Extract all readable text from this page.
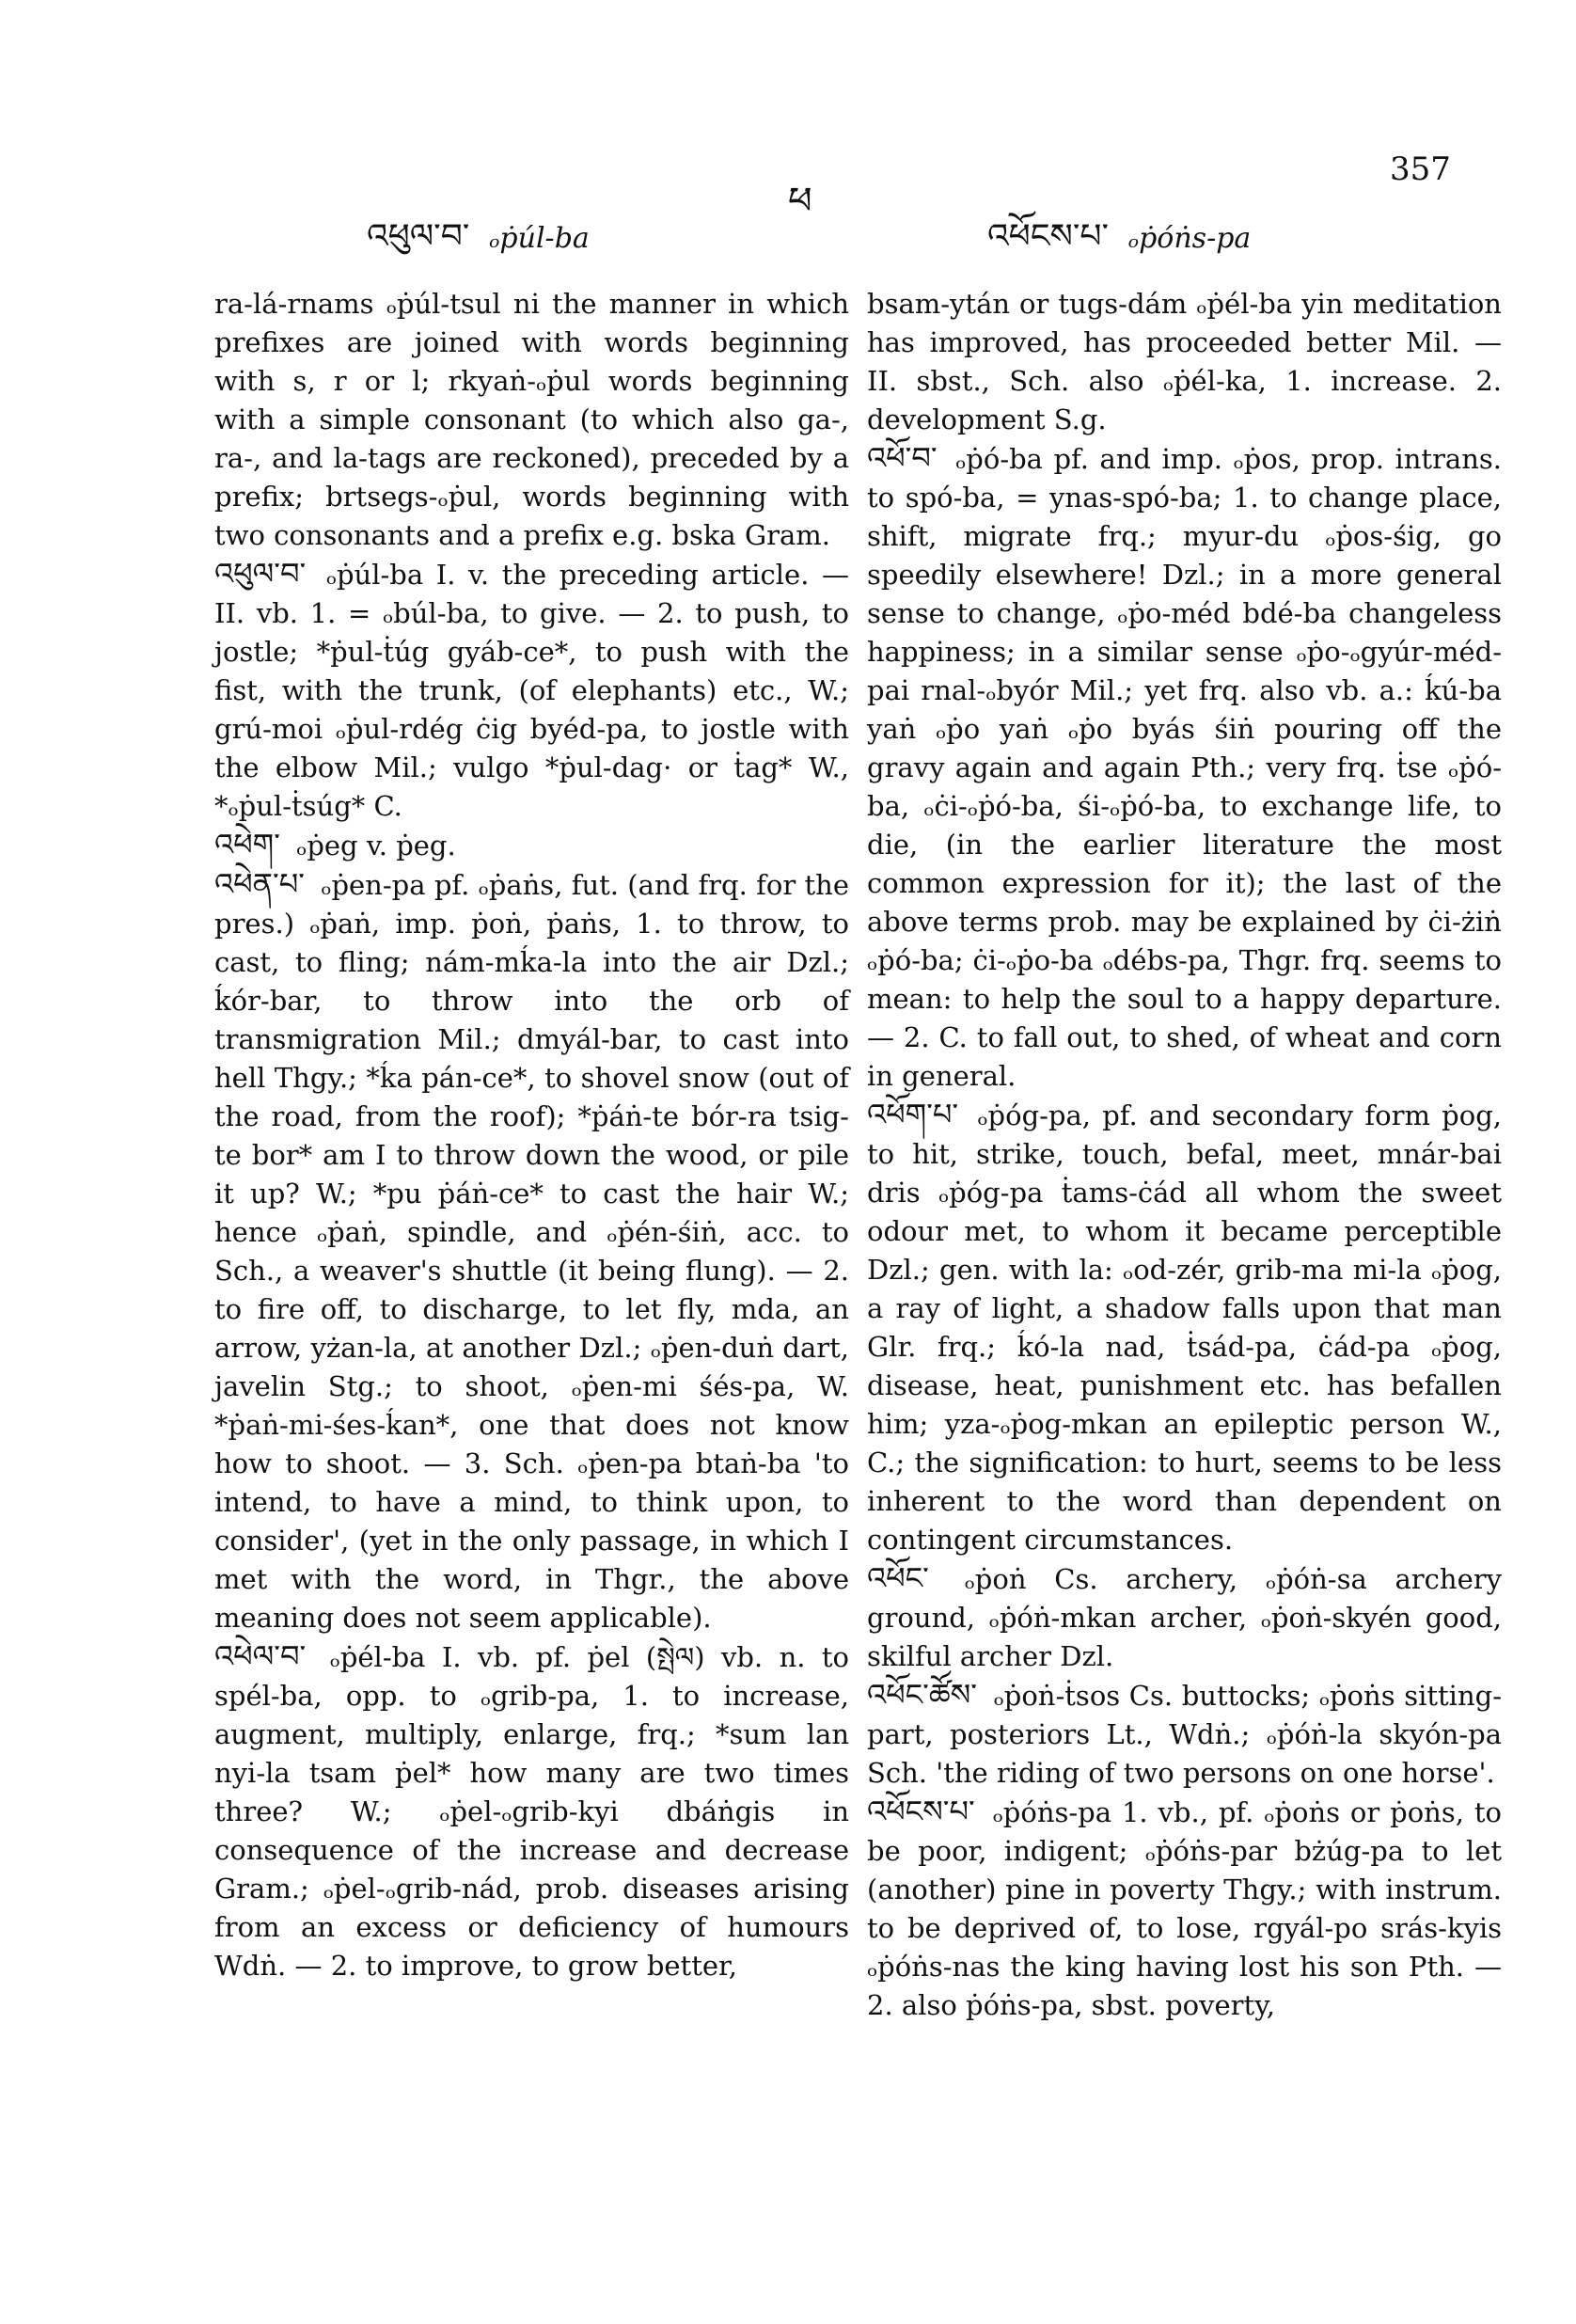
འཕུལ་བ་ ₒṗúl-ba
ཕ
འཕོངས་པ་ ₒṗóṅs-pa
357

ra-lá-rnams ₒṗúl-tsul ni the manner in which prefixes are joined with words beginning with s, r or l; rkyaṅ-ₒṗul words beginning with a simple consonant (to which also ga-, ra-, and la-tags are reckoned), preceded by a prefix; brtsegs-ₒṗul, words beginning with two consonants and a prefix e.g. bska Gram.

འཕུལ་བ་ ₒṗúl-ba I. v. the preceding article. — II. vb. 1. = ₒbúl-ba, to give. — 2. to push, to jostle; *ṗul-ṫúg gyáb-ce*, to push with the fist, with the trunk, (of elephants) etc., W.; grú-moi ₒṗul-rdég ċig byéd-pa, to jostle with the elbow Mil.; vulgo *ṗul-dag· or ṫag* W., *ₒṗul-ṫsúg* C.

འཕེག་ ₒṗeg v. ṗeg.

འཕེན་པ་ ₒṗen-pa pf. ₒṗaṅs, fut. (and frq. for the pres.) ₒṗaṅ, imp. ṗoṅ, ṗaṅs, 1. to throw, to cast, to fling; nám-mḱa-la into the air Dzl.; ḱór-bar, to throw into the orb of transmigration Mil.; dmyál-bar, to cast into hell Thgy.; *ḱa pán-ce*, to shovel snow (out of the road, from the roof); *ṗáṅ-te bór-ra tsig-te bor* am I to throw down the wood, or pile it up? W.; *pu ṗáṅ-ce* to cast the hair W.; hence ₒṗaṅ, spindle, and ₒṗén-śiṅ, acc. to Sch., a weaver's shuttle (it being flung). — 2. to fire off, to discharge, to let fly, mda, an arrow, yżan-la, at another Dzl.; ₒṗen-duṅ dart, javelin Stg.; to shoot, ₒṗen-mi śés-pa, W. *ṗaṅ-mi-śes-ḱan*, one that does not know how to shoot. — 3. Sch. ₒṗen-pa btaṅ-ba 'to intend, to have a mind, to think upon, to consider', (yet in the only passage, in which I met with the word, in Thgr., the above meaning does not seem applicable).

འཕེལ་བ་ ₒṗél-ba I. vb. pf. ṗel (སྤེལ) vb. n. to spél-ba, opp. to ₒgrib-pa, 1. to increase, augment, multiply, enlarge, frq.; *sum lan nyi-la tsam ṗel* how many are two times three? W.; ₒṗel-ₒgrib-kyi dbáṅgis in consequence of the increase and decrease Gram.; ₒṗel-ₒgrib-nád, prob. diseases arising from an excess or deficiency of humours Wdṅ. — 2. to improve, to grow better,

bsam-ytán or tugs-dám ₒṗél-ba yin meditation has improved, has proceeded better Mil. — II. sbst., Sch. also ₒṗél-ka, 1. increase. 2. development S.g.

འཕོ་བ་ ₒṗó-ba pf. and imp. ₒṗos, prop. intrans. to spó-ba, = ynas-spó-ba; 1. to change place, shift, migrate frq.; myur-du ₒṗos-śig, go speedily elsewhere! Dzl.; in a more general sense to change, ₒṗo-méd bdé-ba changeless happiness; in a similar sense ₒṗo-ₒgyúr-méd-pai rnal-ₒbyór Mil.; yet frq. also vb. a.: ḱú-ba yaṅ ₒṗo yaṅ ₒṗo byás śiṅ pouring off the gravy again and again Pth.; very frq. ṫse ₒṗó-ba, ₒċi-ₒṗó-ba, śi-ₒṗó-ba, to exchange life, to die, (in the earlier literature the most common expression for it); the last of the above terms prob. may be explained by ċi-żiṅ ₒṗó-ba; ċi-ₒṗo-ba ₒdébs-pa, Thgr. frq. seems to mean: to help the soul to a happy departure. — 2. C. to fall out, to shed, of wheat and corn in general.

འཕོག་པ་ ₒṗóg-pa, pf. and secondary form ṗog, to hit, strike, touch, befal, meet, mnár-bai dris ₒṗóg-pa ṫams-ċád all whom the sweet odour met, to whom it became perceptible Dzl.; gen. with la: ₒod-zér, grib-ma mi-la ₒṗog, a ray of light, a shadow falls upon that man Glr. frq.; ḱó-la nad, ṫsád-pa, ċád-pa ₒṗog, disease, heat, punishment etc. has befallen him; yza-ₒṗog-mkan an epileptic person W., C.; the signification: to hurt, seems to be less inherent to the word than dependent on contingent circumstances.

འཕོང་ ₒṗoṅ Cs. archery, ₒṗóṅ-sa archery ground, ₒṗóṅ-mkan archer, ₒṗoṅ-skyén good, skilful archer Dzl.

འཕོང་ཚོས་ ₒṗoṅ-ṫsos Cs. buttocks; ₒṗoṅs sitting-part, posteriors Lt., Wdṅ.; ₒṗóṅ-la skyón-pa Sch. 'the riding of two persons on one horse'.

འཕོངས་པ་ ₒṗóṅs-pa 1. vb., pf. ₒṗoṅs or ṗoṅs, to be poor, indigent; ₒṗóṅs-par bżúg-pa to let (another) pine in poverty Thgy.; with instrum. to be deprived of, to lose, rgyál-po srás-kyis ₒṗóṅs-nas the king having lost his son Pth. — 2. also ṗóṅs-pa, sbst. poverty,
